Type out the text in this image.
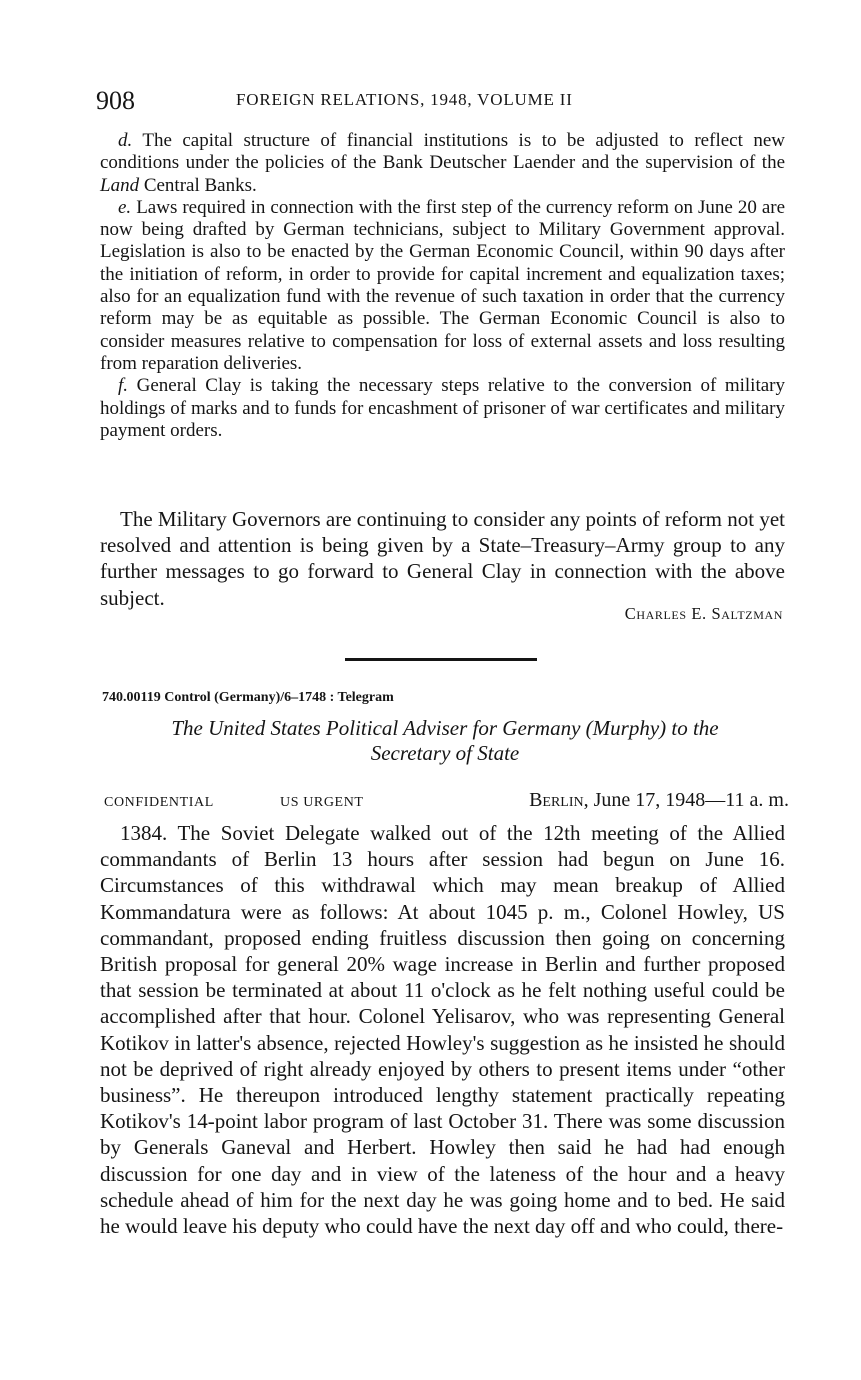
908	FOREIGN RELATIONS, 1948, VOLUME II

d. The capital structure of financial institutions is to be adjusted to reflect new conditions under the policies of the Bank Deutscher Laender and the supervision of the Land Central Banks.

e. Laws required in connection with the first step of the currency reform on June 20 are now being drafted by German technicians, subject to Military Government approval. Legislation is also to be enacted by the German Economic Council, within 90 days after the initiation of reform, in order to provide for capital increment and equalization taxes; also for an equalization fund with the revenue of such taxation in order that the currency reform may be as equitable as possible. The German Economic Council is also to consider measures relative to compensation for loss of external assets and loss resulting from reparation deliveries.

f. General Clay is taking the necessary steps relative to the conversion of military holdings of marks and to funds for encashment of prisoner of war certificates and military payment orders.

The Military Governors are continuing to consider any points of reform not yet resolved and attention is being given by a State–Treasury–Army group to any further messages to go forward to General Clay in connection with the above subject.

Charles E. Saltzman
740.00119 Control (Germany)/6–1748 : Telegram
The United States Political Adviser for Germany (Murphy) to the
Secretary of State
CONFIDENTIAL	US URGENT	Berlin, June 17, 1948—11 a. m.

1384. The Soviet Delegate walked out of the 12th meeting of the Allied commandants of Berlin 13 hours after session had begun on June 16. Circumstances of this withdrawal which may mean breakup of Allied Kommandatura were as follows: At about 1045 p. m., Colonel Howley, US commandant, proposed ending fruitless discussion then going on concerning British proposal for general 20% wage increase in Berlin and further proposed that session be terminated at about 11 o'clock as he felt nothing useful could be accomplished after that hour. Colonel Yelisarov, who was representing General Kotikov in latter's absence, rejected Howley's suggestion as he insisted he should not be deprived of right already enjoyed by others to present items under “other business”. He thereupon introduced lengthy statement practically repeating Kotikov's 14-point labor program of last October 31. There was some discussion by Generals Ganeval and Herbert. Howley then said he had had enough discussion for one day and in view of the lateness of the hour and a heavy schedule ahead of him for the next day he was going home and to bed. He said he would leave his deputy who could have the next day off and who could, there-
